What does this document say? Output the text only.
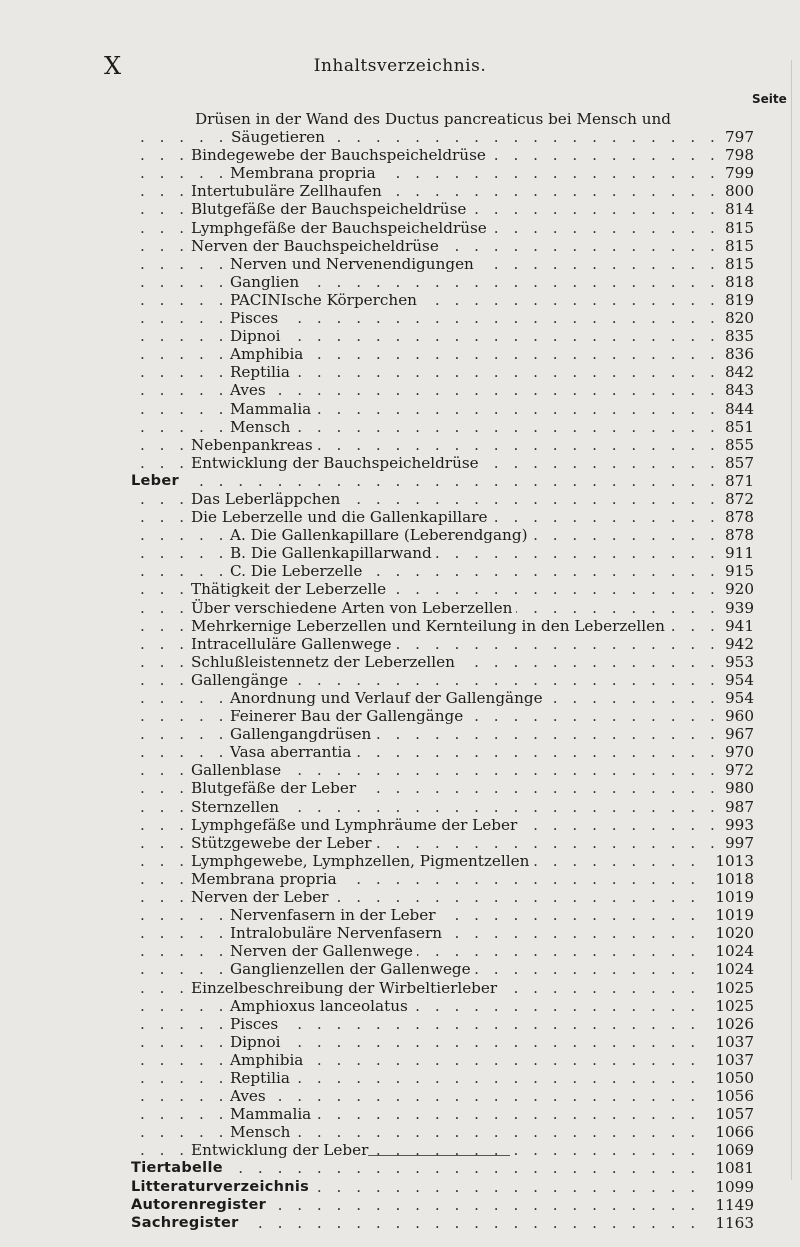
X	Inhaltsverzeichnis.
Seite
Drüsen in der Wand des Ductus pancreaticus bei Mensch und
. . .
Säugetieren	797
. . .
Bindegewebe der Bauchspeicheldrüse	798
. . .
Membrana propria	799
. . .
Intertubuläre Zellhaufen	800
. . .
Blutgefäße der Bauchspeicheldrüse	814
. . .
Lymphgefäße der Bauchspeicheldrüse	815
. . .
Nerven der Bauchspeicheldrüse	815
. . .
Nerven und Nervenendigungen	815
. . .
Ganglien	818
. . .
PACINIsche Körperchen	819
. . .
Pisces	820
. . .
Dipnoi	835
. . .
Amphibia	836
. . .
Reptilia	842
. . .
Aves	843
. . .
Mammalia	844
. . .
Mensch	851
. . .
Nebenpankreas	855
. . .
Entwicklung der Bauchspeicheldrüse	857
. . .
Leber	871
. . .
Das Leberläppchen	872
. . .
Die Leberzelle und die Gallenkapillare	878
. . .
A. Die Gallenkapillare (Leberendgang)	878
. . .
B. Die Gallenkapillarwand	911
. . .
C. Die Leberzelle	915
. . .
Thätigkeit der Leberzelle	920
. . .
Über verschiedene Arten von Leberzellen	939
. . .
Mehrkernige Leberzellen und Kernteilung in den Leberzellen	941
. . .
Intracelluläre Gallenwege	942
. . .
Schlußleistennetz der Leberzellen	953
. . .
Gallengänge	954
. . .
Anordnung und Verlauf der Gallengänge	954
. . .
Feinerer Bau der Gallengänge	960
. . .
Gallengangdrüsen	967
. . .
Vasa aberrantia	970
. . .
Gallenblase	972
. . .
Blutgefäße der Leber	980
. . .
Sternzellen	987
. . .
Lymphgefäße und Lymphräume der Leber	993
. . .
Stützgewebe der Leber	997
. . .
Lymphgewebe, Lymphzellen, Pigmentzellen	1013
. . .
Membrana propria	1018
. . .
Nerven der Leber	1019
. . .
Nervenfasern in der Leber	1019
. . .
Intralobuläre Nervenfasern	1020
. . .
Nerven der Gallenwege	1024
. . .
Ganglienzellen der Gallenwege	1024
. . .
Einzelbeschreibung der Wirbeltierleber	1025
. . .
Amphioxus lanceolatus	1025
. . .
Pisces	1026
. . .
Dipnoi	1037
. . .
Amphibia	1037
. . .
Reptilia	1050
. . .
Aves	1056
. . .
Mammalia	1057
. . .
Mensch	1066
. . .
Entwicklung der Leber	1069
. . .
Tiertabelle	1081
. . .
Litteraturverzeichnis	1099
. . .
Autorenregister	1149
. . .
Sachregister	1163
